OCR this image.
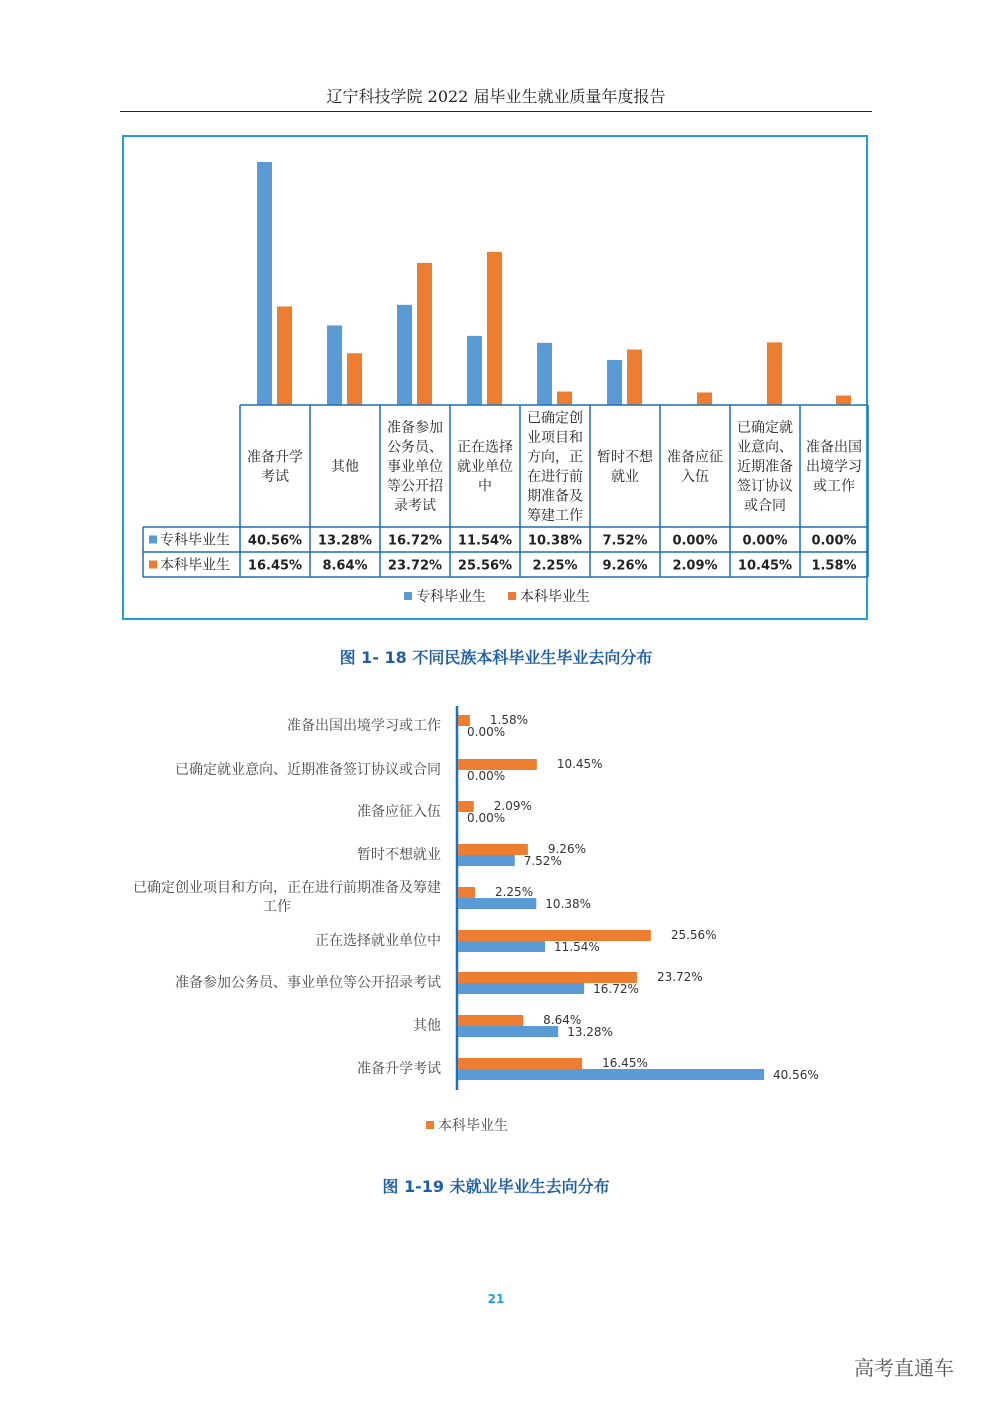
辽宁科技学院 2022 届毕业生就业质量年度报告
准备升学
考试
其他
准备参加
公务员、
事业单位
等公开招
录考试
正在选择
就业单位
中
已确定创
业项目和
方向，正
在进行前
期准备及
筹建工作
暂时不想
就业
准备应征
入伍
已确定就
业意向、
近期准备
签订协议
或合同
准备出国
出境学习
或工作
专科毕业生 40.56% 13.28% 16.72% 11.54% 10.38% 7.52% 0.00% 0.00% 0.00%
本科毕业生 16.45% 8.64% 23.72% 25.56% 2.25% 9.26% 2.09% 10.45% 1.58%
专科毕业生 本科毕业生
1.58%
0.00%
准备出国出境学习或工作
10.45%
0.00%
已确定就业意向、近期准备签订协议或合同
2.09%
0.00%
准备应征入伍
9.26%
7.52%
暂时不想就业
2.25%
10.38%
已确定创业项目和方向，正在进行前期准备及筹建
工作
25.56%
11.54%
正在选择就业单位中
23.72%
16.72%
准备参加公务员、事业单位等公开招录考试
8.64%
13.28%
其他
16.45%
40.56%
准备升学考试
本科毕业生
图 1- 18 不同民族本科毕业生毕业去向分布
图 1-19 未就业毕业生去向分布
21
高考直通车
